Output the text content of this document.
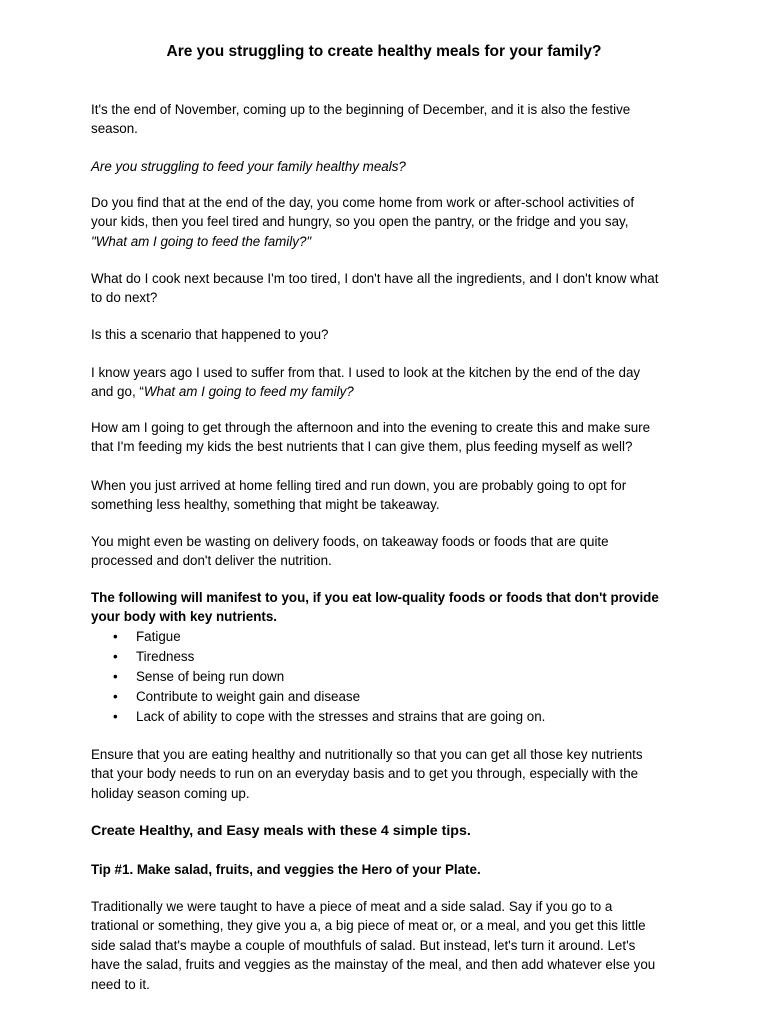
Are you struggling to create healthy meals for your family?

It's the end of November, coming up to the beginning of December, and it is also the festive
season.

Are you struggling to feed your family healthy meals?

Do you find that at the end of the day, you come home from work or after-school activities of
your kids, then you feel tired and hungry, so you open the pantry, or the fridge and you say,
"What am I going to feed the family?"

What do I cook next because I'm too tired, I don't have all the ingredients, and I don't know what
to do next?

Is this a scenario that happened to you?

I know years ago I used to suffer from that. I used to look at the kitchen by the end of the day
and go, “What am I going to feed my family?

How am I going to get through the afternoon and into the evening to create this and make sure
that I'm feeding my kids the best nutrients that I can give them, plus feeding myself as well?

When you just arrived at home felling tired and run down, you are probably going to opt for
something less healthy, something that might be takeaway.

You might even be wasting on delivery foods, on takeaway foods or foods that are quite
processed and don't deliver the nutrition.

The following will manifest to you, if you eat low-quality foods or foods that don't provide
your body with key nutrients.

• Fatigue
• Tiredness
• Sense of being run down
• Contribute to weight gain and disease
• Lack of ability to cope with the stresses and strains that are going on.

Ensure that you are eating healthy and nutritionally so that you can get all those key nutrients
that your body needs to run on an everyday basis and to get you through, especially with the
holiday season coming up.

Create Healthy, and Easy meals with these 4 simple tips.
Tip #1. Make salad, fruits, and veggies the Hero of your Plate.

Traditionally we were taught to have a piece of meat and a side salad. Say if you go to a
trational or something, they give you a, a big piece of meat or, or a meal, and you get this little
side salad that's maybe a couple of mouthfuls of salad. But instead, let's turn it around. Let's
have the salad, fruits and veggies as the mainstay of the meal, and then add whatever else you
need to it.
